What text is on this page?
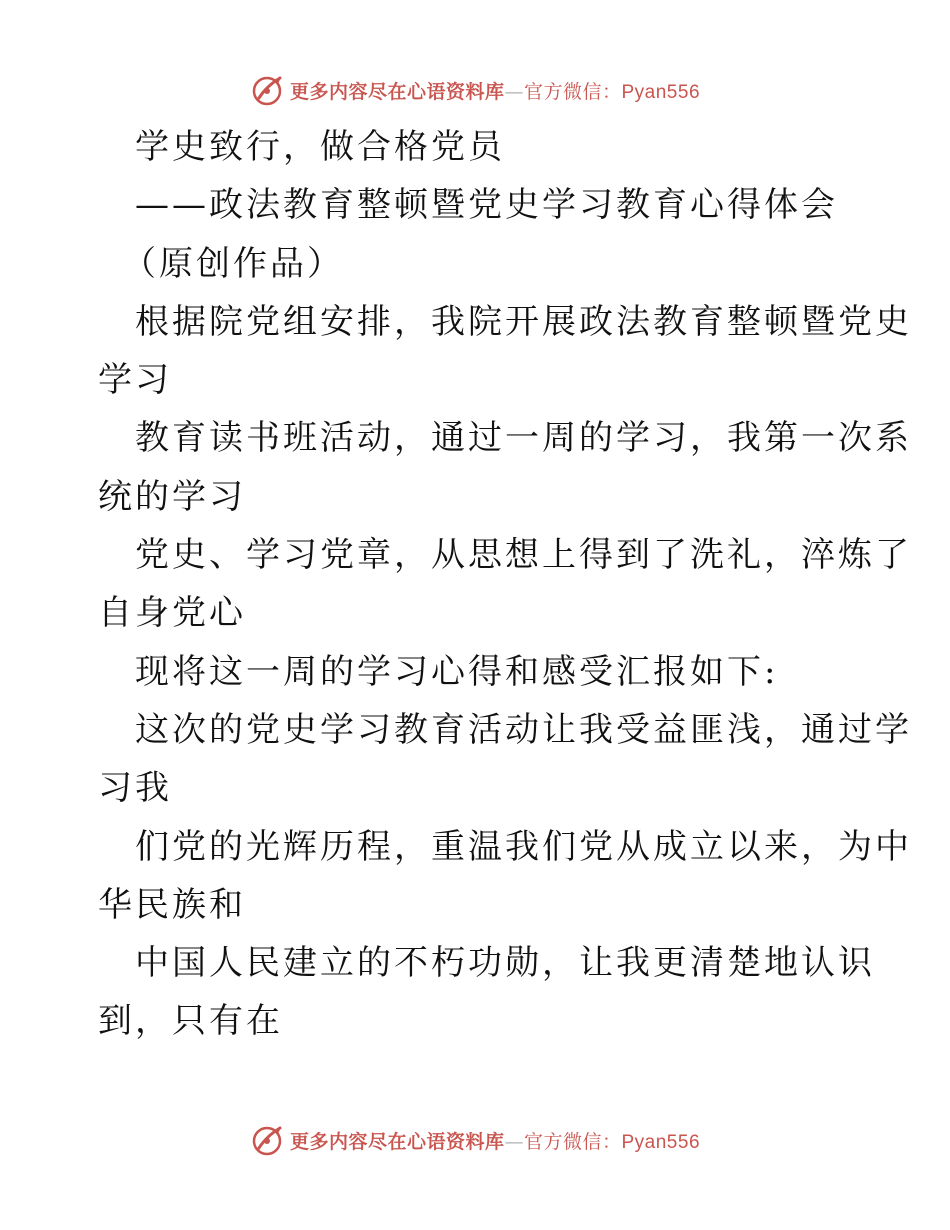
更多内容尽在心语资料库—官方微信：Pyan556
学史致行，做合格党员
——政法教育整顿暨党史学习教育心得体会
（原创作品）
根据院党组安排，我院开展政法教育整顿暨党史
学习
教育读书班活动，通过一周的学习，我第一次系
统的学习
党史、学习党章，从思想上得到了洗礼，淬炼了
自身党心
现将这一周的学习心得和感受汇报如下:
这次的党史学习教育活动让我受益匪浅，通过学
习我
们党的光辉历程，重温我们党从成立以来，为中
华民族和
中国人民建立的不朽功勋，让我更清楚地认识
到，只有在
更多内容尽在心语资料库—官方微信：Pyan556
